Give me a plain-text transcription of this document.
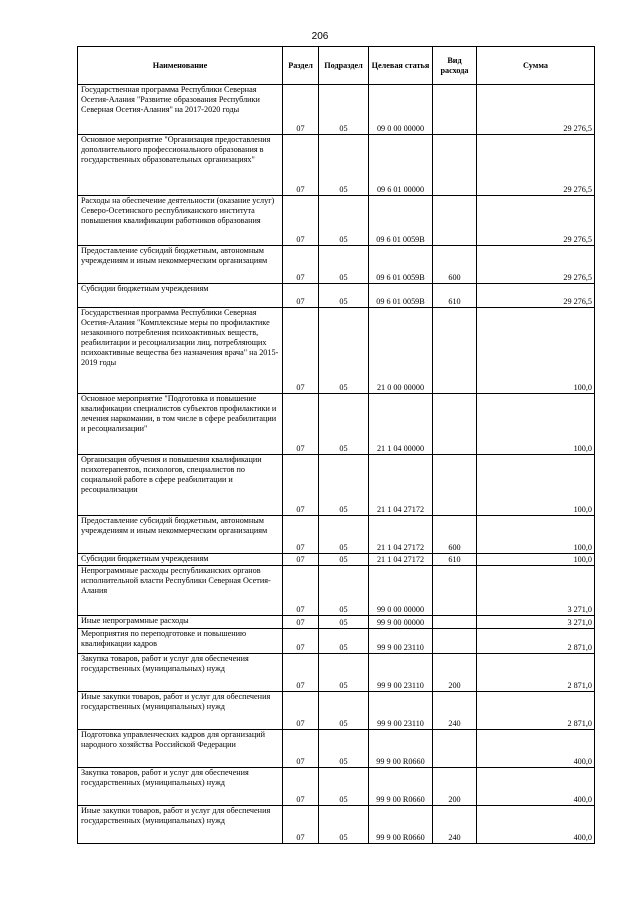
206
Наименование	Раздел	Подраздел	Целевая статья	Вид расхода	Сумма

Государственная программа Республики Северная Осетия-Алания "Развитие образования Республики Северная Осетия-Алания" на 2017-2020 годы	07	05	09 0 00 00000		29 276,5

Основное мероприятие "Организация предоставления дополнительного профессионального образования в государственных образовательных организациях"	07	05	09 6 01 00000		29 276,5

Расходы на обеспечение деятельности (оказание услуг) Северо-Осетинского республиканского института повышения квалификации работников образования	07	05	09 6 01 0059В		29 276,5

Предоставление субсидий бюджетным, автономным учреждениям и иным некоммерческим организациям	07	05	09 6 01 0059В	600	29 276,5

Субсидии бюджетным учреждениям	07	05	09 6 01 0059В	610	29 276,5

Государственная программа Республики Северная Осетия-Алания "Комплексные меры по профилактике незаконного потребления психоактивных веществ, реабилитации и ресоциализации лиц, потребляющих психоактивные вещества без назначения врача" на 2015-2019 годы	07	05	21 0 00 00000		100,0

Основное мероприятие "Подготовка и повышение квалификации специалистов субъектов профилактики и лечения наркомании, в том числе в сфере реабилитации и ресоциализации"	07	05	21 1 04 00000		100,0

Организация обучения и повышения квалификации психотерапевтов, психологов, специалистов по социальной работе в сфере реабилитации и ресоциализации	07	05	21 1 04 27172		100,0

Предоставление субсидий бюджетным, автономным учреждениям и иным некоммерческим организациям	07	05	21 1 04 27172	600	100,0

Субсидии бюджетным учреждениям	07	05	21 1 04 27172	610	100,0

Непрограммные расходы республиканских органов исполнительной власти Республики Северная Осетия-Алания	07	05	99 0 00 00000		3 271,0

Иные непрограммные расходы	07	05	99 9 00 00000		3 271,0

Мероприятия по переподготовке и повышению квалификации кадров	07	05	99 9 00 23110		2 871,0

Закупка товаров, работ и услуг для обеспечения государственных (муниципальных) нужд	07	05	99 9 00 23110	200	2 871,0

Иные закупки товаров, работ и услуг для обеспечения государственных (муниципальных) нужд	07	05	99 9 00 23110	240	2 871,0

Подготовка управленческих кадров для организаций народного хозяйства Российской Федерации	07	05	99 9 00 R0660		400,0

Закупка товаров, работ и услуг для обеспечения государственных (муниципальных) нужд	07	05	99 9 00 R0660	200	400,0

Иные закупки товаров, работ и услуг для обеспечения государственных (муниципальных) нужд	07	05	99 9 00 R0660	240	400,0
